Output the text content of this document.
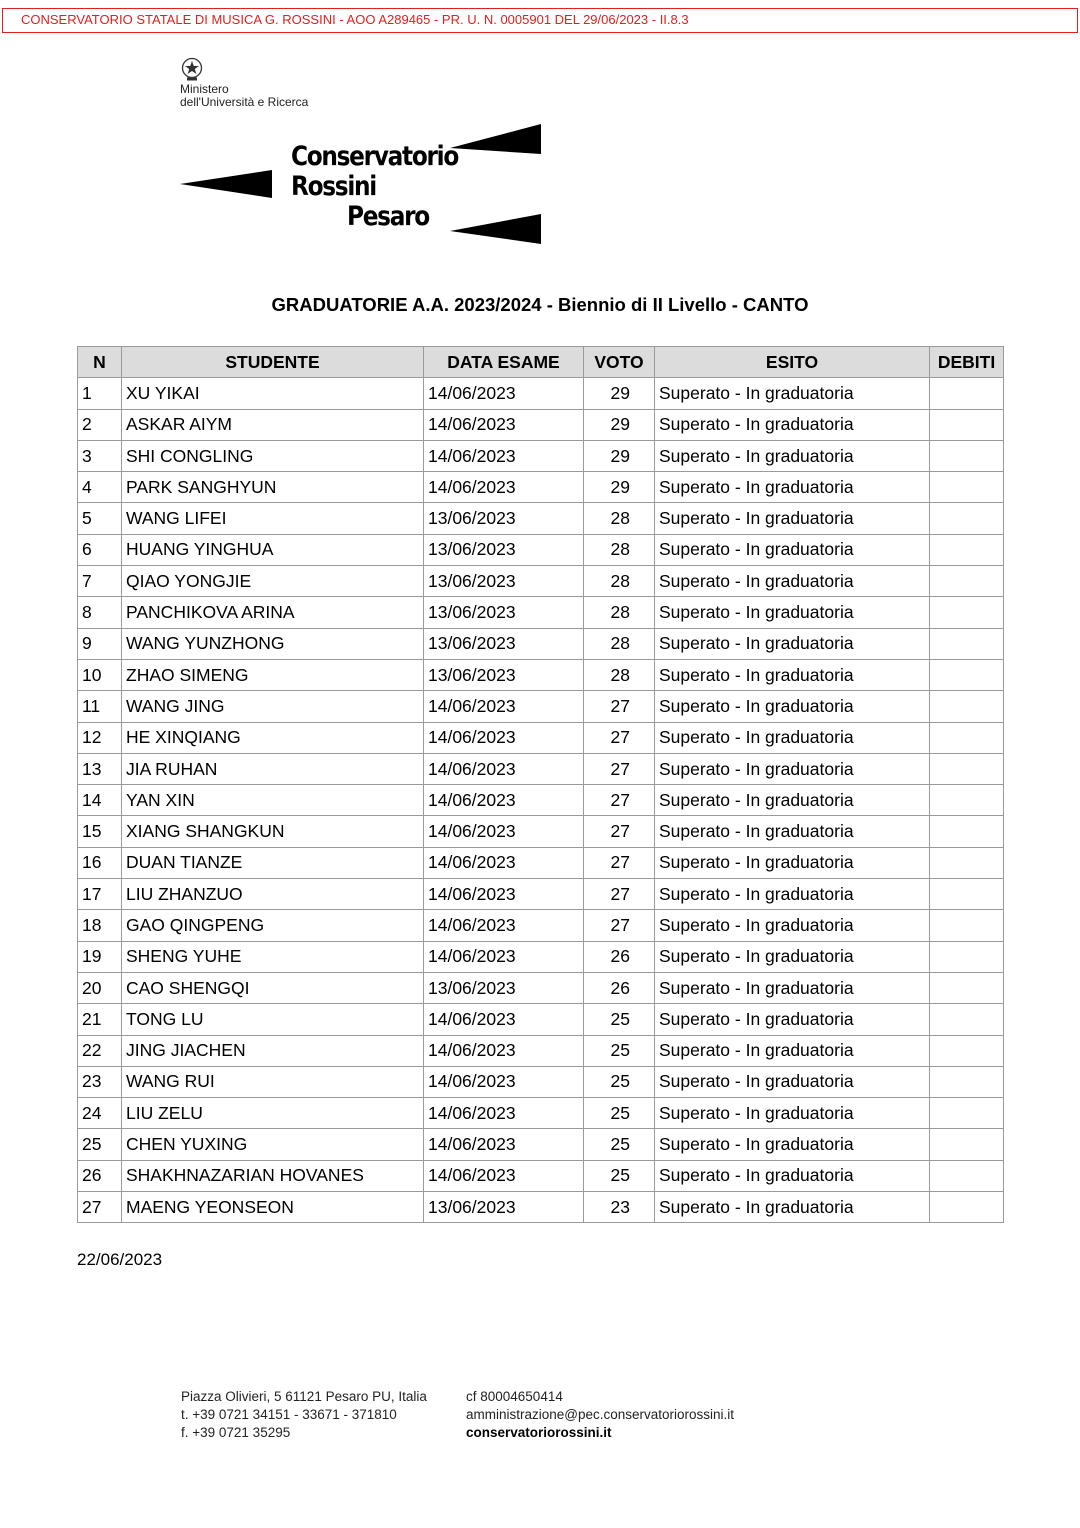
CONSERVATORIO STATALE DI MUSICA G. ROSSINI - AOO A289465 - PR. U. N. 0005901 DEL 29/06/2023 - II.8.3
Ministero
dell'Università e Ricerca
Conservatorio
Rossini
Pesaro
GRADUATORIE A.A. 2023/2024 - Biennio di II Livello - CANTO
N	STUDENTE	DATA ESAME	VOTO	ESITO	DEBITI
1	XU YIKAI	14/06/2023	29	Superato - In graduatoria	
2	ASKAR AIYM	14/06/2023	29	Superato - In graduatoria	
3	SHI CONGLING	14/06/2023	29	Superato - In graduatoria	
4	PARK SANGHYUN	14/06/2023	29	Superato - In graduatoria	
5	WANG LIFEI	13/06/2023	28	Superato - In graduatoria	
6	HUANG YINGHUA	13/06/2023	28	Superato - In graduatoria	
7	QIAO YONGJIE	13/06/2023	28	Superato - In graduatoria	
8	PANCHIKOVA ARINA	13/06/2023	28	Superato - In graduatoria	
9	WANG YUNZHONG	13/06/2023	28	Superato - In graduatoria	
10	ZHAO SIMENG	13/06/2023	28	Superato - In graduatoria	
11	WANG JING	14/06/2023	27	Superato - In graduatoria	
12	HE XINQIANG	14/06/2023	27	Superato - In graduatoria	
13	JIA RUHAN	14/06/2023	27	Superato - In graduatoria	
14	YAN XIN	14/06/2023	27	Superato - In graduatoria	
15	XIANG SHANGKUN	14/06/2023	27	Superato - In graduatoria	
16	DUAN TIANZE	14/06/2023	27	Superato - In graduatoria	
17	LIU ZHANZUO	14/06/2023	27	Superato - In graduatoria	
18	GAO QINGPENG	14/06/2023	27	Superato - In graduatoria	
19	SHENG YUHE	14/06/2023	26	Superato - In graduatoria	
20	CAO SHENGQI	13/06/2023	26	Superato - In graduatoria	
21	TONG LU	14/06/2023	25	Superato - In graduatoria	
22	JING JIACHEN	14/06/2023	25	Superato - In graduatoria	
23	WANG RUI	14/06/2023	25	Superato - In graduatoria	
24	LIU ZELU	14/06/2023	25	Superato - In graduatoria	
25	CHEN YUXING	14/06/2023	25	Superato - In graduatoria	
26	SHAKHNAZARIAN HOVANES	14/06/2023	25	Superato - In graduatoria	
27	MAENG YEONSEON	13/06/2023	23	Superato - In graduatoria	
22/06/2023
Piazza Olivieri, 5 61121 Pesaro PU, Italia
t. +39 0721 34151 - 33671 - 371810
f. +39 0721 35295
cf 80004650414
amministrazione@pec.conservatoriorossini.it
conservatoriorossini.it
